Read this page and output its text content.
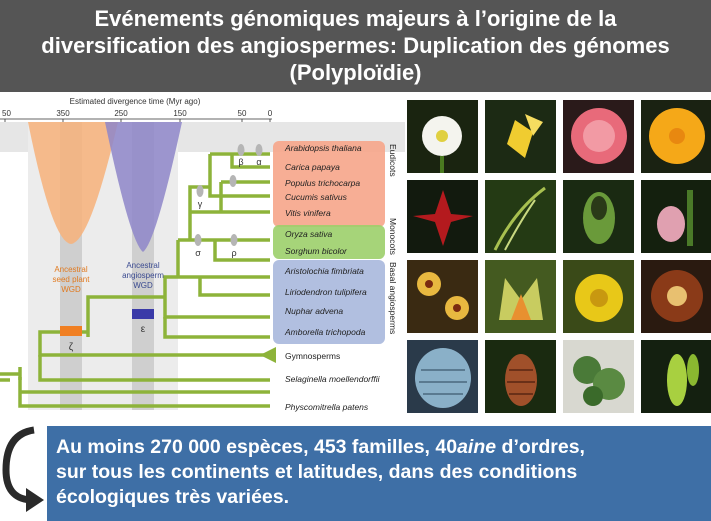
Evénements génomiques majeurs à l’origine de la
diversification des angiospermes: Duplication des génomes
(Polyploïdie)
Estimated divergence time (Myr ago)
50	350	250	150	50	0
Ancestral
seed plant
WGD
Ancestral
angiosperm
WGD
ζ
ε
γ
β α
σ	ρ
Arabidopsis thaliana
Carica papaya
Populus trichocarpa
Cucumis sativus
Vitis vinifera
Oryza sativa
Sorghum bicolor
Aristolochia fimbriata
Liriodendron tulipifera
Nuphar advena
Amborella trichopoda
Gymnosperms
Selaginella moellendorffii
Physcomitrella patens
Eudicots
Monocots
Basal angiosperms
Au moins 270 000 espèces, 453 familles, 40aine d’ordres,
sur tous les continents et latitudes, dans des conditions
écologiques très variées.
